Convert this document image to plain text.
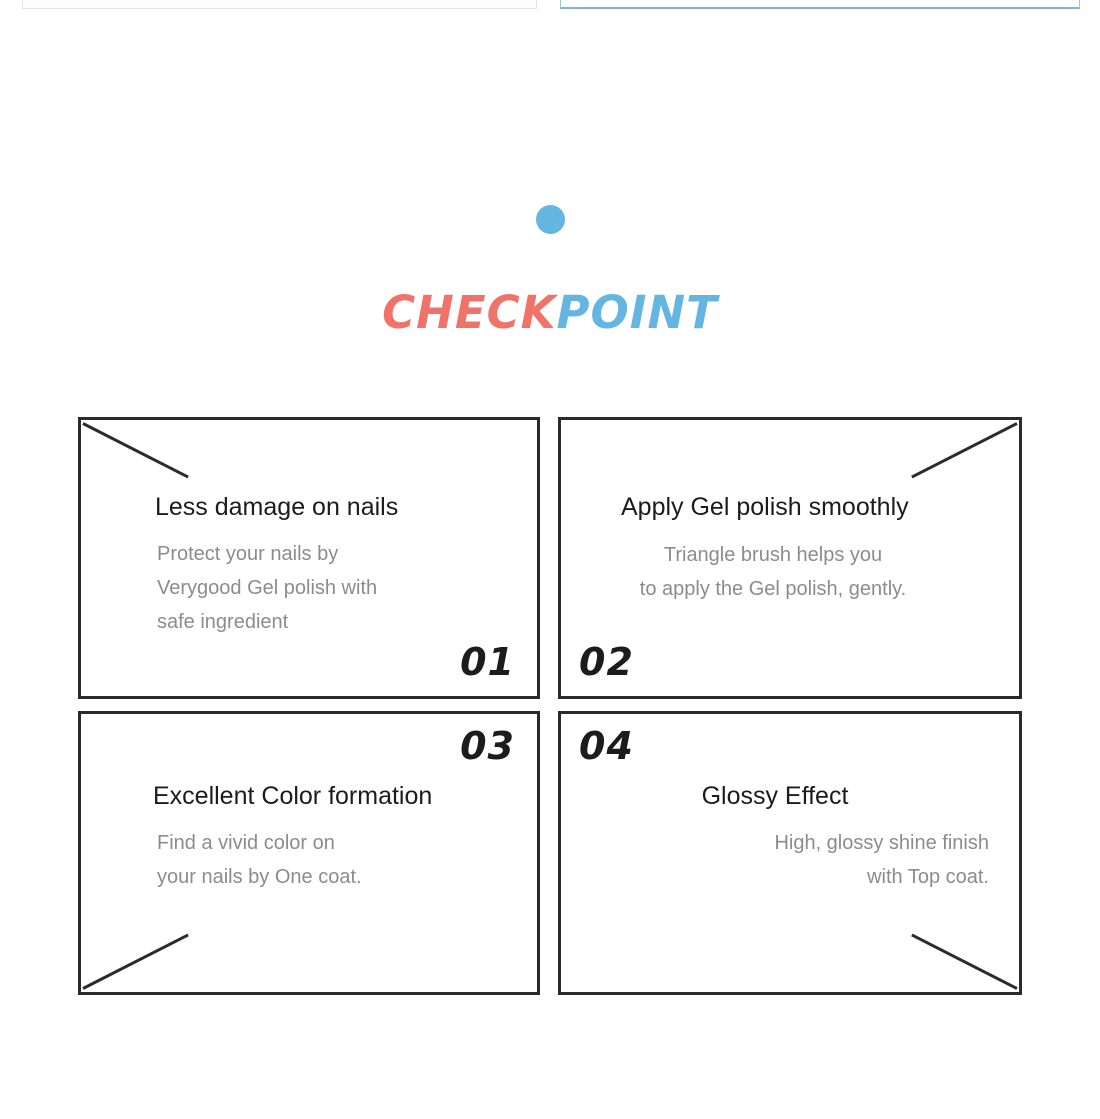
CHECKPOINT
Less damage on nails
Protect your nails by
Verygood Gel polish with
safe ingredient
01
Apply Gel polish smoothly
Triangle brush helps you
to apply the Gel polish, gently.
02
03
Excellent Color formation
Find a vivid color on
your nails by One coat.
04
Glossy Effect
High, glossy shine finish
with Top coat.
